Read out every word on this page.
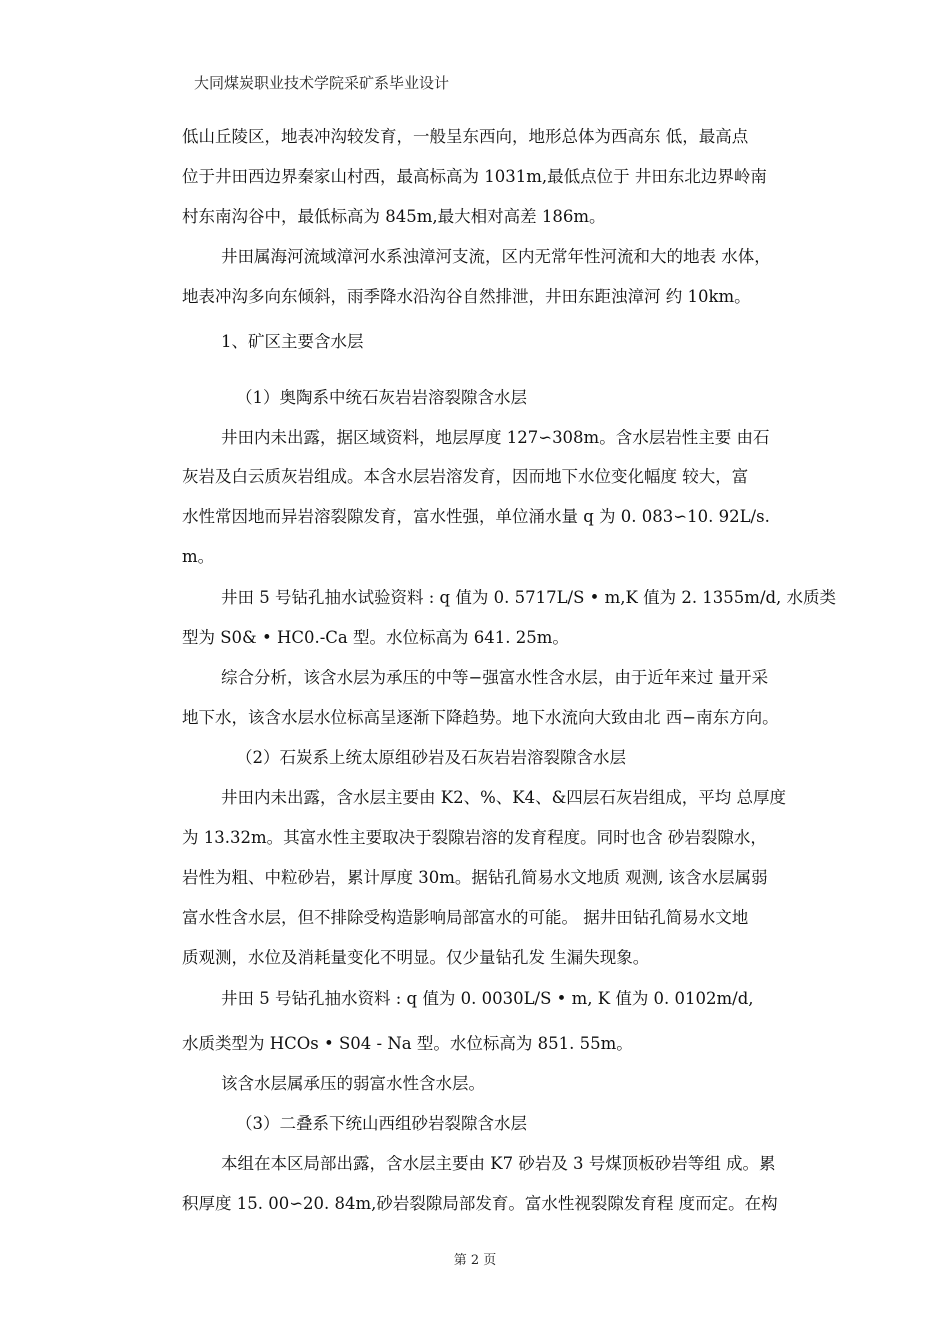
大同煤炭职业技术学院采矿系毕业设计
低山丘陵区，地表冲沟较发育，一般呈东西向，地形总体为西高东 低，最高点
位于井田西边界秦家山村西，最高标高为 1031m,最低点位于 井田东北边界岭南
村东南沟谷中，最低标高为 845m,最大相对高差 186m。
井田属海河流域漳河水系浊漳河支流，区内无常年性河流和大的地表 水体，
地表冲沟多向东倾斜，雨季降水沿沟谷自然排泄，井田东距浊漳河 约 10km。
1、矿区主要含水层
（1）奥陶系中统石灰岩岩溶裂隙含水层
井田内未出露，据区域资料，地层厚度 127∽308m。含水层岩性主要 由石
灰岩及白云质灰岩组成。本含水层岩溶发育，因而地下水位变化幅度 较大，富
水性常因地而异岩溶裂隙发育，富水性强，单位涌水量 q 为 0. 083∽10. 92L/s.
m。
井田 5 号钻孔抽水试验资料 : q 值为 0. 5717L/S • m,K 值为 2. 1355m/d, 水质类
型为 S0& • HC0.-Ca 型。水位标高为 641. 25m。
综合分析，该含水层为承压的中等−强富水性含水层，由于近年来过 量开采
地下水，该含水层水位标高呈逐渐下降趋势。地下水流向大致由北 西−南东方向。
（2）石炭系上统太原组砂岩及石灰岩岩溶裂隙含水层
井田内未出露，含水层主要由 K2、%、K4、&四层石灰岩组成，平均 总厚度
为 13.32m。其富水性主要取决于裂隙岩溶的发育程度。同时也含 砂岩裂隙水，
岩性为粗、中粒砂岩，累计厚度 30m。据钻孔简易水文地质 观测, 该含水层属弱
富水性含水层，但不排除受构造影响局部富水的可能。 据井田钻孔简易水文地
质观测，水位及消耗量变化不明显。仅少量钻孔发 生漏失现象。
井田 5 号钻孔抽水资料 : q 值为 0. 0030L/S • m, K 值为 0. 0102m/d,
水质类型为 HCOs • S04 - Na 型。水位标高为 851. 55m。
该含水层属承压的弱富水性含水层。
（3）二叠系下统山西组砂岩裂隙含水层
本组在本区局部出露，含水层主要由 K7 砂岩及 3 号煤顶板砂岩等组 成。累
积厚度 15. 00∽20. 84m,砂岩裂隙局部发育。富水性视裂隙发育程 度而定。在构
第 2 页
